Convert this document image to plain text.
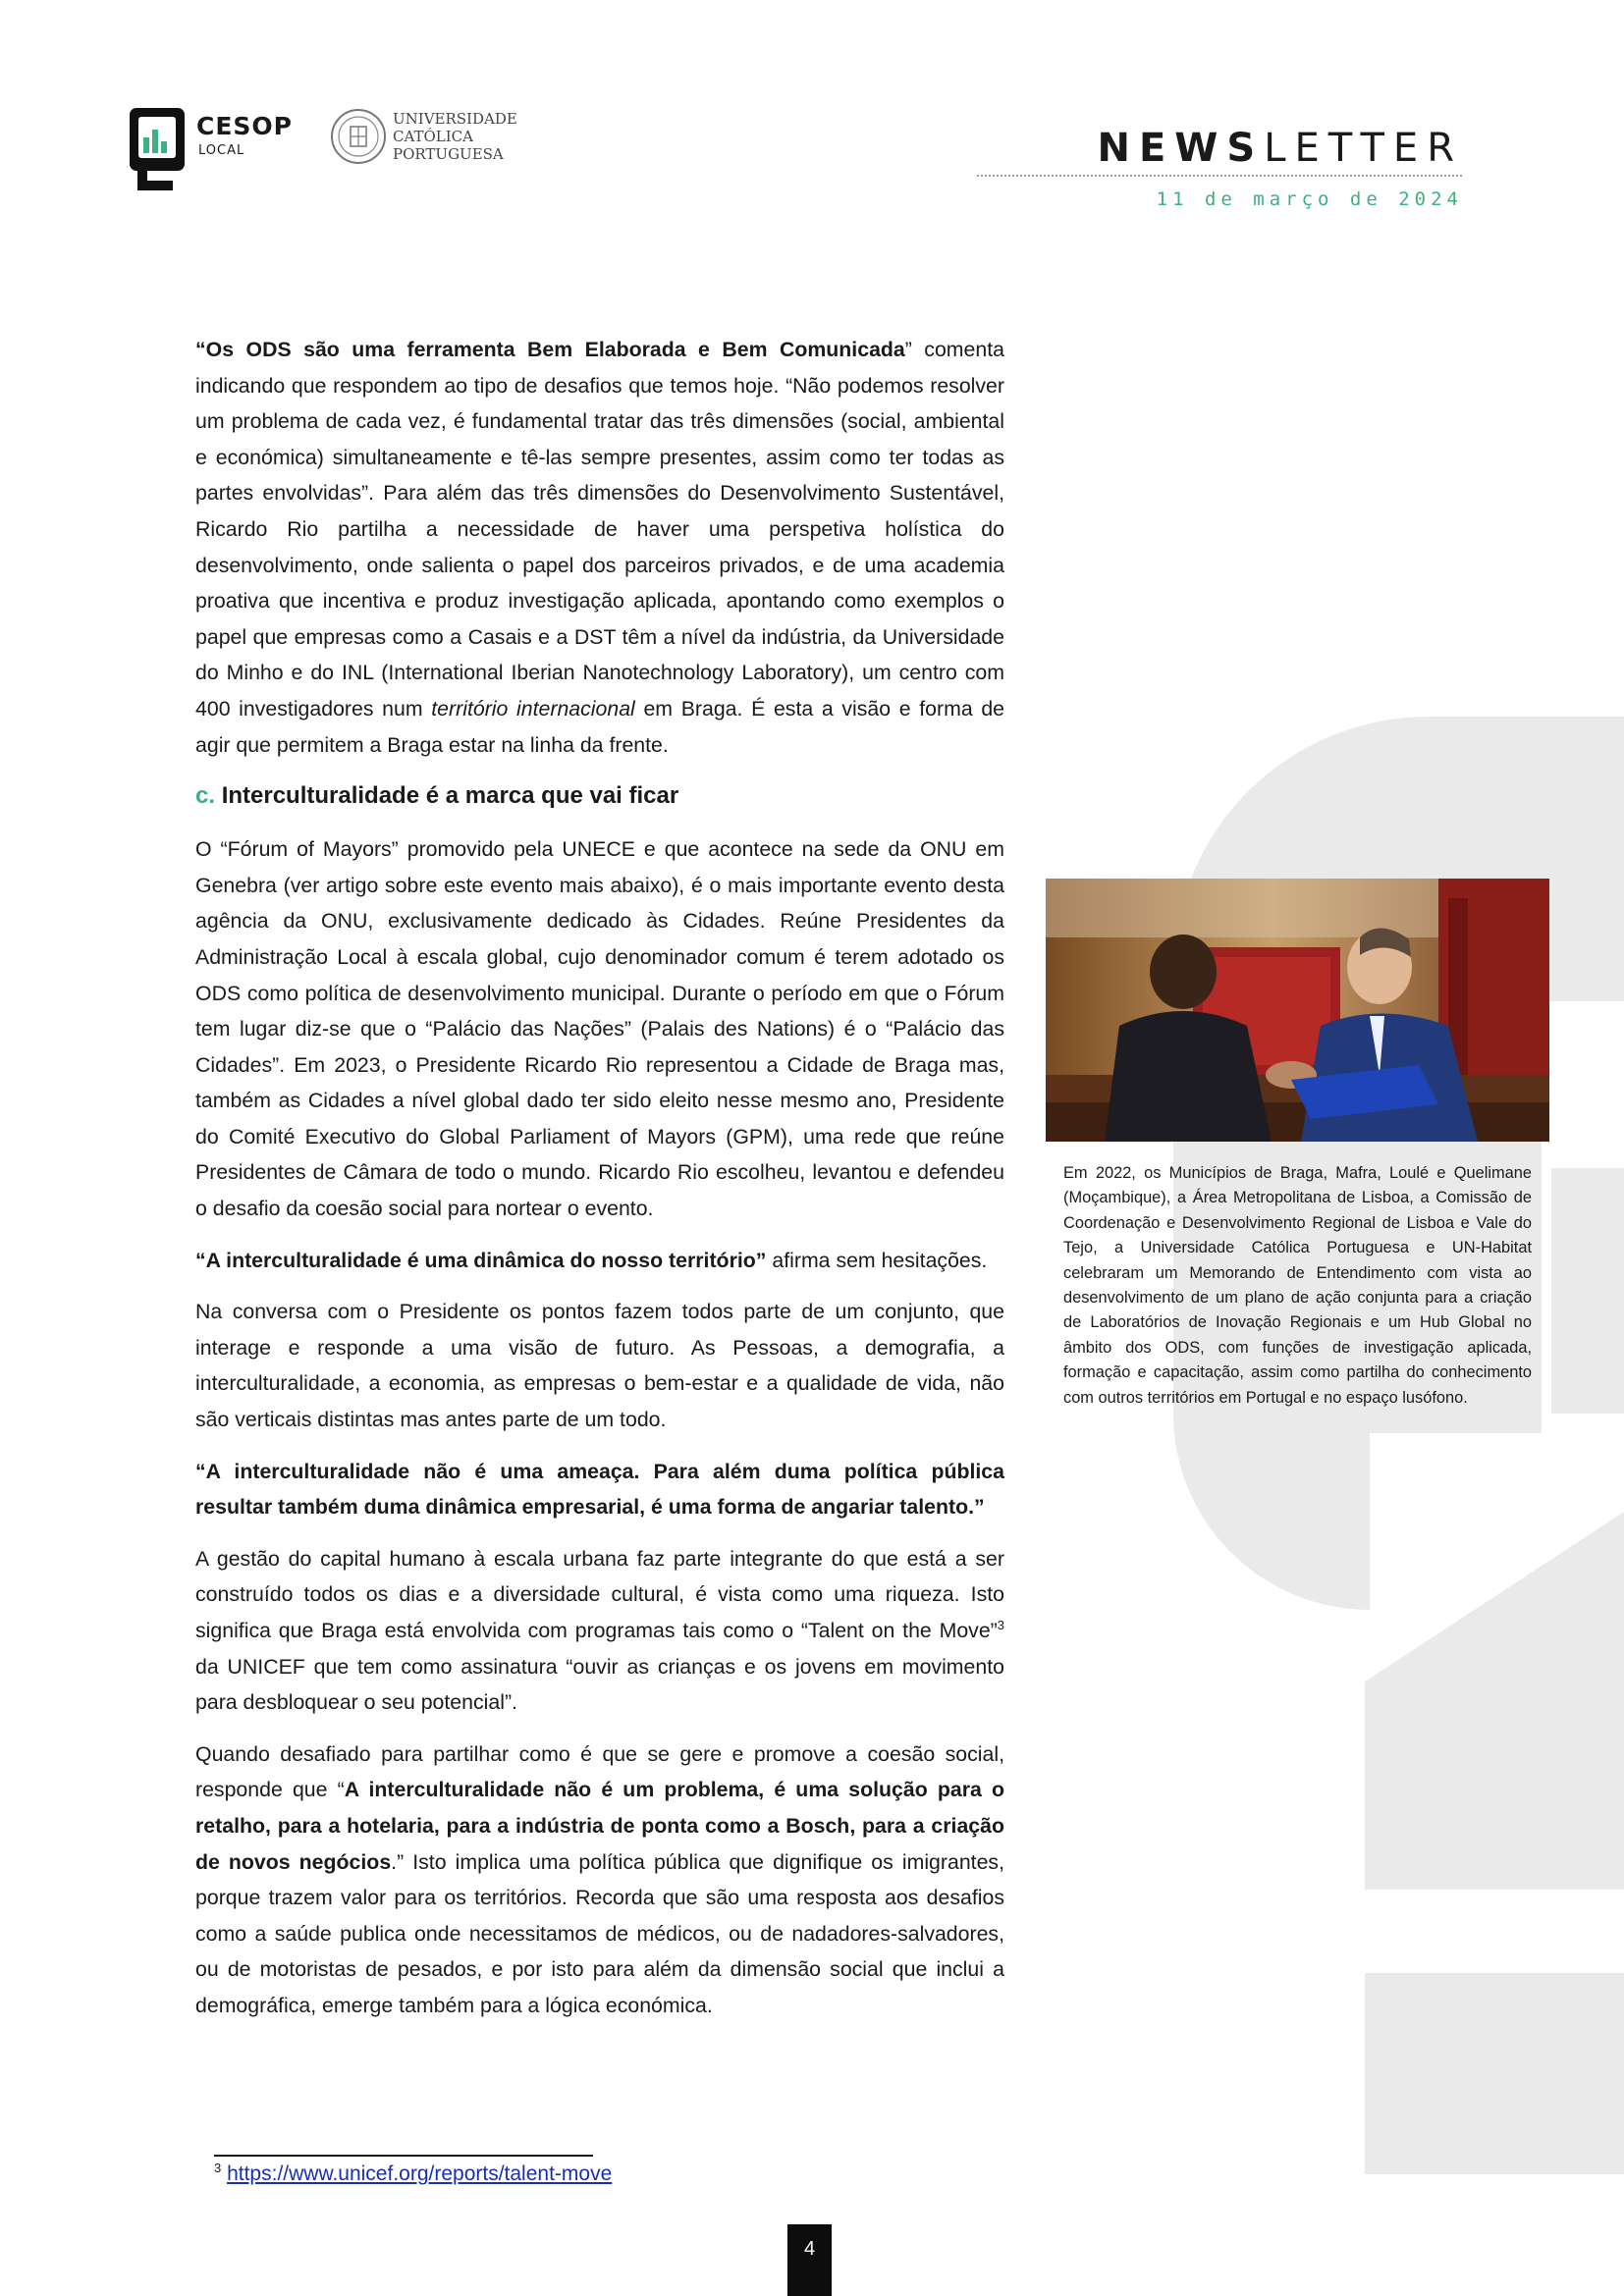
CESOP
LOCAL
UNIVERSIDADE
CATÓLICA
PORTUGUESA	NEWSLETTER
11 de março de 2024

“Os ODS são uma ferramenta Bem Elaborada e Bem Comunicada” comenta indicando que respondem ao tipo de desafios que temos hoje. “Não podemos resolver um problema de cada vez, é fundamental tratar das três dimensões (social, ambiental e económica) simultaneamente e tê-las sempre presentes, assim como ter todas as partes envolvidas”. Para além das três dimensões do Desenvolvimento Sustentável, Ricardo Rio partilha a necessidade de haver uma perspetiva holística do desenvolvimento, onde salienta o papel dos parceiros privados, e de uma academia proativa que incentiva e produz investigação aplicada, apontando como exemplos o papel que empresas como a Casais e a DST têm a nível da indústria, da Universidade do Minho e do INL (International Iberian Nanotechnology Laboratory), um centro com 400 investigadores num território internacional em Braga. É esta a visão e forma de agir que permitem a Braga estar na linha da frente.

c. Interculturalidade é a marca que vai ficar

O “Fórum of Mayors” promovido pela UNECE e que acontece na sede da ONU em Genebra (ver artigo sobre este evento mais abaixo), é o mais importante evento desta agência da ONU, exclusivamente dedicado às Cidades. Reúne Presidentes da Administração Local à escala global, cujo denominador comum é terem adotado os ODS como política de desenvolvimento municipal. Durante o período em que o Fórum tem lugar diz-se que o “Palácio das Nações” (Palais des Nations) é o “Palácio das Cidades”. Em 2023, o Presidente Ricardo Rio representou a Cidade de Braga mas, também as Cidades a nível global dado ter sido eleito nesse mesmo ano, Presidente do Comité Executivo do Global Parliament of Mayors (GPM), uma rede que reúne Presidentes de Câmara de todo o mundo. Ricardo Rio escolheu, levantou e defendeu o desafio da coesão social para nortear o evento.

“A interculturalidade é uma dinâmica do nosso território” afirma sem hesitações.

Na conversa com o Presidente os pontos fazem todos parte de um conjunto, que interage e responde a uma visão de futuro. As Pessoas, a demografia, a interculturalidade, a economia, as empresas o bem-estar e a qualidade de vida, não são verticais distintas mas antes parte de um todo.

“A interculturalidade não é uma ameaça. Para além duma política pública resultar também duma dinâmica empresarial, é uma forma de angariar talento.”

A gestão do capital humano à escala urbana faz parte integrante do que está a ser construído todos os dias e a diversidade cultural, é vista como uma riqueza. Isto significa que Braga está envolvida com programas tais como o “Talent on the Move”$^3$ da UNICEF que tem como assinatura “ouvir as crianças e os jovens em movimento para desbloquear o seu potencial”.

Quando desafiado para partilhar como é que se gere e promove a coesão social, responde que “A interculturalidade não é um problema, é uma solução para o retalho, para a hotelaria, para a indústria de ponta como a Bosch, para a criação de novos negócios.” Isto implica uma política pública que dignifique os imigrantes, porque trazem valor para os territórios. Recorda que são uma resposta aos desafios como a saúde publica onde necessitamos de médicos, ou de nadadores-salvadores, ou de motoristas de pesados, e por isto para além da dimensão social que inclui a demográfica, emerge também para a lógica económica.

Em 2022, os Municípios de Braga, Mafra, Loulé e Quelimane (Moçambique), a Área Metropolitana de Lisboa, a Comissão de Coordenação e Desenvolvimento Regional de Lisboa e Vale do Tejo, a Universidade Católica Portuguesa e UN-Habitat celebraram um Memorando de Entendimento com vista ao desenvolvimento de um plano de ação conjunta para a criação de Laboratórios de Inovação Regionais e um Hub Global no âmbito dos ODS, com funções de investigação aplicada, formação e capacitação, assim como partilha do conhecimento com outros territórios em Portugal e no espaço lusófono.
$^3$ https://www.unicef.org/reports/talent-move
4
